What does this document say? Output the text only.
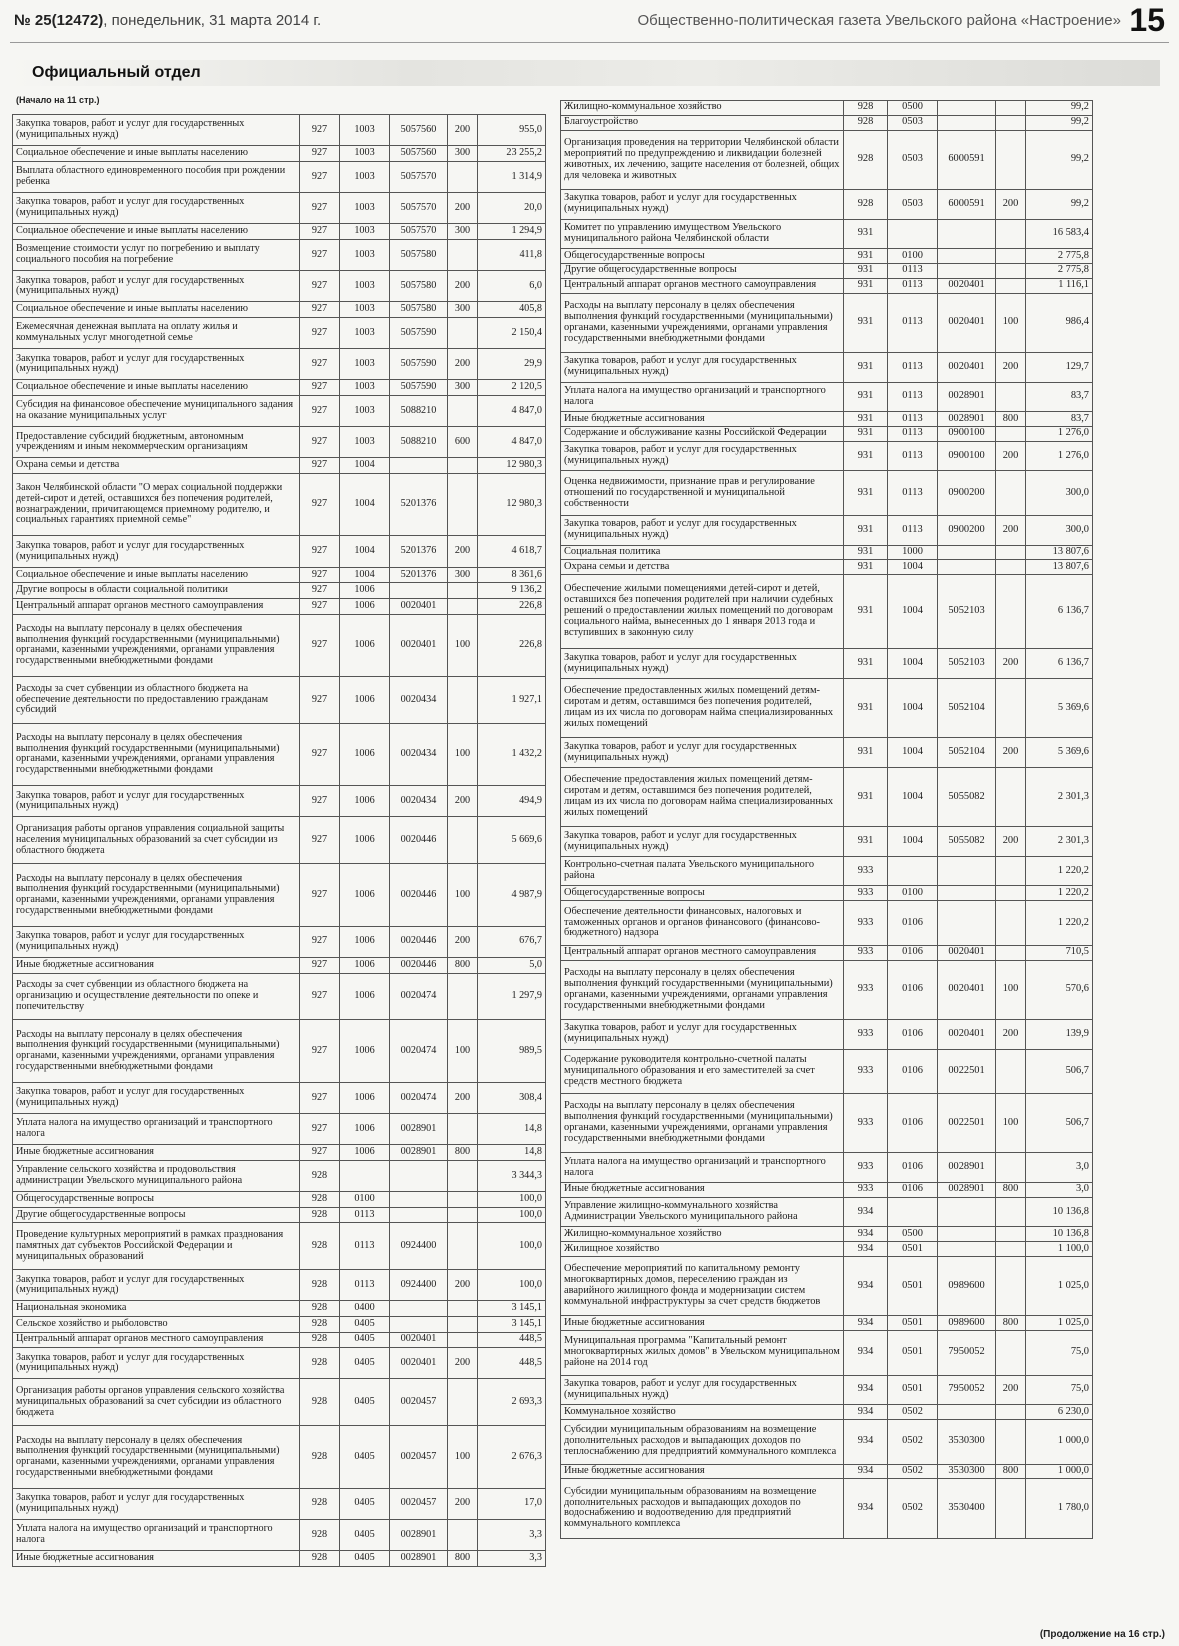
№ 25(12472), понедельник, 31 марта 2014 г.	Общественно-политическая газета Увельского района «Настроение» 15
Официальный отдел
(Начало на 11 стр.)
Закупка товаров, работ и услуг для государственных (муниципальных нужд)	927	1003	5057560	200	955,0
Социальное обеспечение и иные выплаты населению	927	1003	5057560	300	23 255,2
Выплата областного единовременного пособия при рождении ребенка	927	1003	5057570		1 314,9
Закупка товаров, работ и услуг для государственных (муниципальных нужд)	927	1003	5057570	200	20,0
Социальное обеспечение и иные выплаты населению	927	1003	5057570	300	1 294,9
Возмещение стоимости услуг по погребению и выплату социального пособия на погребение	927	1003	5057580		411,8
Закупка товаров, работ и услуг для государственных (муниципальных нужд)	927	1003	5057580	200	6,0
Социальное обеспечение и иные выплаты населению	927	1003	5057580	300	405,8
Ежемесячная денежная выплата на оплату жилья и коммунальных услуг многодетной семье	927	1003	5057590		2 150,4
Закупка товаров, работ и услуг для государственных (муниципальных нужд)	927	1003	5057590	200	29,9
Социальное обеспечение и иные выплаты населению	927	1003	5057590	300	2 120,5
Субсидия на финансовое обеспечение муниципального задания на оказание муниципальных услуг	927	1003	5088210		4 847,0
Предоставление субсидий бюджетным, автономным учреждениям и иным некоммерческим организациям	927	1003	5088210	600	4 847,0
Охрана семьи и детства	927	1004			12 980,3
Закон Челябинской области "О мерах социальной поддержки детей-сирот и детей, оставшихся без попечения родителей, вознаграждении, причитающемся приемному родителю, и социальных гарантиях приемной семье"	927	1004	5201376		12 980,3
Закупка товаров, работ и услуг для государственных (муниципальных нужд)	927	1004	5201376	200	4 618,7
Социальное обеспечение и иные выплаты населению	927	1004	5201376	300	8 361,6
Другие вопросы в области социальной политики	927	1006			9 136,2
Центральный аппарат органов местного самоуправления	927	1006	0020401		226,8
Расходы на выплату персоналу в целях обеспечения выполнения функций государственными (муниципальными) органами, казенными учреждениями, органами управления государственными внебюджетными фондами	927	1006	0020401	100	226,8
Расходы за счет субвенции из областного бюджета на обеспечение деятельности по предоставлению гражданам субсидий	927	1006	0020434		1 927,1
Расходы на выплату персоналу в целях обеспечения выполнения функций государственными (муниципальными) органами, казенными учреждениями, органами управления государственными внебюджетными фондами	927	1006	0020434	100	1 432,2
Закупка товаров, работ и услуг для государственных (муниципальных нужд)	927	1006	0020434	200	494,9
Организация работы органов управления социальной защиты населения муниципальных образований за счет субсидии из областного бюджета	927	1006	0020446		5 669,6
Расходы на выплату персоналу в целях обеспечения выполнения функций государственными (муниципальными) органами, казенными учреждениями, органами управления государственными внебюджетными фондами	927	1006	0020446	100	4 987,9
Закупка товаров, работ и услуг для государственных (муниципальных нужд)	927	1006	0020446	200	676,7
Иные бюджетные ассигнования	927	1006	0020446	800	5,0
Расходы за счет субвенции из областного бюджета на организацию и осуществление деятельности по опеке и попечительству	927	1006	0020474		1 297,9
Расходы на выплату персоналу в целях обеспечения выполнения функций государственными (муниципальными) органами, казенными учреждениями, органами управления государственными внебюджетными фондами	927	1006	0020474	100	989,5
Закупка товаров, работ и услуг для государственных (муниципальных нужд)	927	1006	0020474	200	308,4
Уплата налога на имущество организаций и транспортного налога	927	1006	0028901		14,8
Иные бюджетные ассигнования	927	1006	0028901	800	14,8
Управление сельского хозяйства и продовольствия администрации Увельского муниципального района	928				3 344,3
Общегосударственные вопросы	928	0100			100,0
Другие общегосударственные вопросы	928	0113			100,0
Проведение культурных мероприятий в рамках празднования памятных дат субъектов Российской Федерации и муниципальных образований	928	0113	0924400		100,0
Закупка товаров, работ и услуг для государственных (муниципальных нужд)	928	0113	0924400	200	100,0
Национальная экономика	928	0400			3 145,1
Сельское хозяйство и рыболовство	928	0405			3 145,1
Центральный аппарат органов местного самоуправления	928	0405	0020401		448,5
Закупка товаров, работ и услуг для государственных (муниципальных нужд)	928	0405	0020401	200	448,5
Организация работы органов управления сельского хозяйства муниципальных образований за счет субсидии из областного бюджета	928	0405	0020457		2 693,3
Расходы на выплату персоналу в целях обеспечения выполнения функций государственными (муниципальными) органами, казенными учреждениями, органами управления государственными внебюджетными фондами	928	0405	0020457	100	2 676,3
Закупка товаров, работ и услуг для государственных (муниципальных нужд)	928	0405	0020457	200	17,0
Уплата налога на имущество организаций и транспортного налога	928	0405	0028901		3,3
Иные бюджетные ассигнования	928	0405	0028901	800	3,3
Жилищно-коммунальное хозяйство	928	0500			99,2
Благоустройство	928	0503			99,2
Организация проведения на территории Челябинской области мероприятий по предупреждению и ликвидации болезней животных, их лечению, защите населения от болезней, общих для человека и животных	928	0503	6000591		99,2
Закупка товаров, работ и услуг для государственных (муниципальных нужд)	928	0503	6000591	200	99,2
Комитет по управлению имуществом Увельского муниципального района Челябинской области	931				16 583,4
Общегосударственные вопросы	931	0100			2 775,8
Другие общегосударственные вопросы	931	0113			2 775,8
Центральный аппарат органов местного самоуправления	931	0113	0020401		1 116,1
Расходы на выплату персоналу в целях обеспечения выполнения функций государственными (муниципальными) органами, казенными учреждениями, органами управления государственными внебюджетными фондами	931	0113	0020401	100	986,4
Закупка товаров, работ и услуг для государственных (муниципальных нужд)	931	0113	0020401	200	129,7
Уплата налога на имущество организаций и транспортного налога	931	0113	0028901		83,7
Иные бюджетные ассигнования	931	0113	0028901	800	83,7
Содержание и обслуживание казны Российской Федерации	931	0113	0900100		1 276,0
Закупка товаров, работ и услуг для государственных (муниципальных нужд)	931	0113	0900100	200	1 276,0
Оценка недвижимости, признание прав и регулирование отношений по государственной и муниципальной собственности	931	0113	0900200		300,0
Закупка товаров, работ и услуг для государственных (муниципальных нужд)	931	0113	0900200	200	300,0
Социальная политика	931	1000			13 807,6
Охрана семьи и детства	931	1004			13 807,6
Обеспечение жилыми помещениями детей-сирот и детей, оставшихся без попечения родителей при наличии судебных решений о предоставлении жилых помещений по договорам социального найма, вынесенных до 1 января 2013 года и вступивших в законную силу	931	1004	5052103		6 136,7
Закупка товаров, работ и услуг для государственных (муниципальных нужд)	931	1004	5052103	200	6 136,7
Обеспечение предоставленных жилых помещений детям-сиротам и детям, оставшимся без попечения родителей, лицам из их числа по договорам найма специализированных жилых помещений	931	1004	5052104		5 369,6
Закупка товаров, работ и услуг для государственных (муниципальных нужд)	931	1004	5052104	200	5 369,6
Обеспечение предоставления жилых помещений детям-сиротам и детям, оставшимся без попечения родителей, лицам из их числа по договорам найма специализированных жилых помещений	931	1004	5055082		2 301,3
Закупка товаров, работ и услуг для государственных (муниципальных нужд)	931	1004	5055082	200	2 301,3
Контрольно-счетная палата Увельского муниципального района	933				1 220,2
Общегосударственные вопросы	933	0100			1 220,2
Обеспечение деятельности финансовых, налоговых и таможенных органов и органов финансового (финансово-бюджетного) надзора	933	0106			1 220,2
Центральный аппарат органов местного самоуправления	933	0106	0020401		710,5
Расходы на выплату персоналу в целях обеспечения выполнения функций государственными (муниципальными) органами, казенными учреждениями, органами управления государственными внебюджетными фондами	933	0106	0020401	100	570,6
Закупка товаров, работ и услуг для государственных (муниципальных нужд)	933	0106	0020401	200	139,9
Содержание руководителя контрольно-счетной палаты муниципального образования и его заместителей за счет средств местного бюджета	933	0106	0022501		506,7
Расходы на выплату персоналу в целях обеспечения выполнения функций государственными (муниципальными) органами, казенными учреждениями, органами управления государственными внебюджетными фондами	933	0106	0022501	100	506,7
Уплата налога на имущество организаций и транспортного налога	933	0106	0028901		3,0
Иные бюджетные ассигнования	933	0106	0028901	800	3,0
Управление жилищно-коммунального хозяйства Администрации Увельского муниципального района	934				10 136,8
Жилищно-коммунальное хозяйство	934	0500			10 136,8
Жилищное хозяйство	934	0501			1 100,0
Обеспечение мероприятий по капитальному ремонту многоквартирных домов, переселению граждан из аварийного жилищного фонда и модернизации систем коммунальной инфраструктуры за счет средств бюджетов	934	0501	0989600		1 025,0
Иные бюджетные ассигнования	934	0501	0989600	800	1 025,0
Муниципальная программа "Капитальный ремонт многоквартирных жилых домов" в Увельском муниципальном районе на 2014 год	934	0501	7950052		75,0
Закупка товаров, работ и услуг для государственных (муниципальных нужд)	934	0501	7950052	200	75,0
Коммунальное хозяйство	934	0502			6 230,0
Субсидии муниципальным образованиям на возмещение дополнительных расходов и выпадающих доходов по теплоснабжению для предприятий коммунального комплекса	934	0502	3530300		1 000,0
Иные бюджетные ассигнования	934	0502	3530300	800	1 000,0
Субсидии муниципальным образованиям на возмещение дополнительных расходов и выпадающих доходов по водоснабжению и водоотведению для предприятий коммунального комплекса	934	0502	3530400		1 780,0
(Продолжение на 16 стр.)
